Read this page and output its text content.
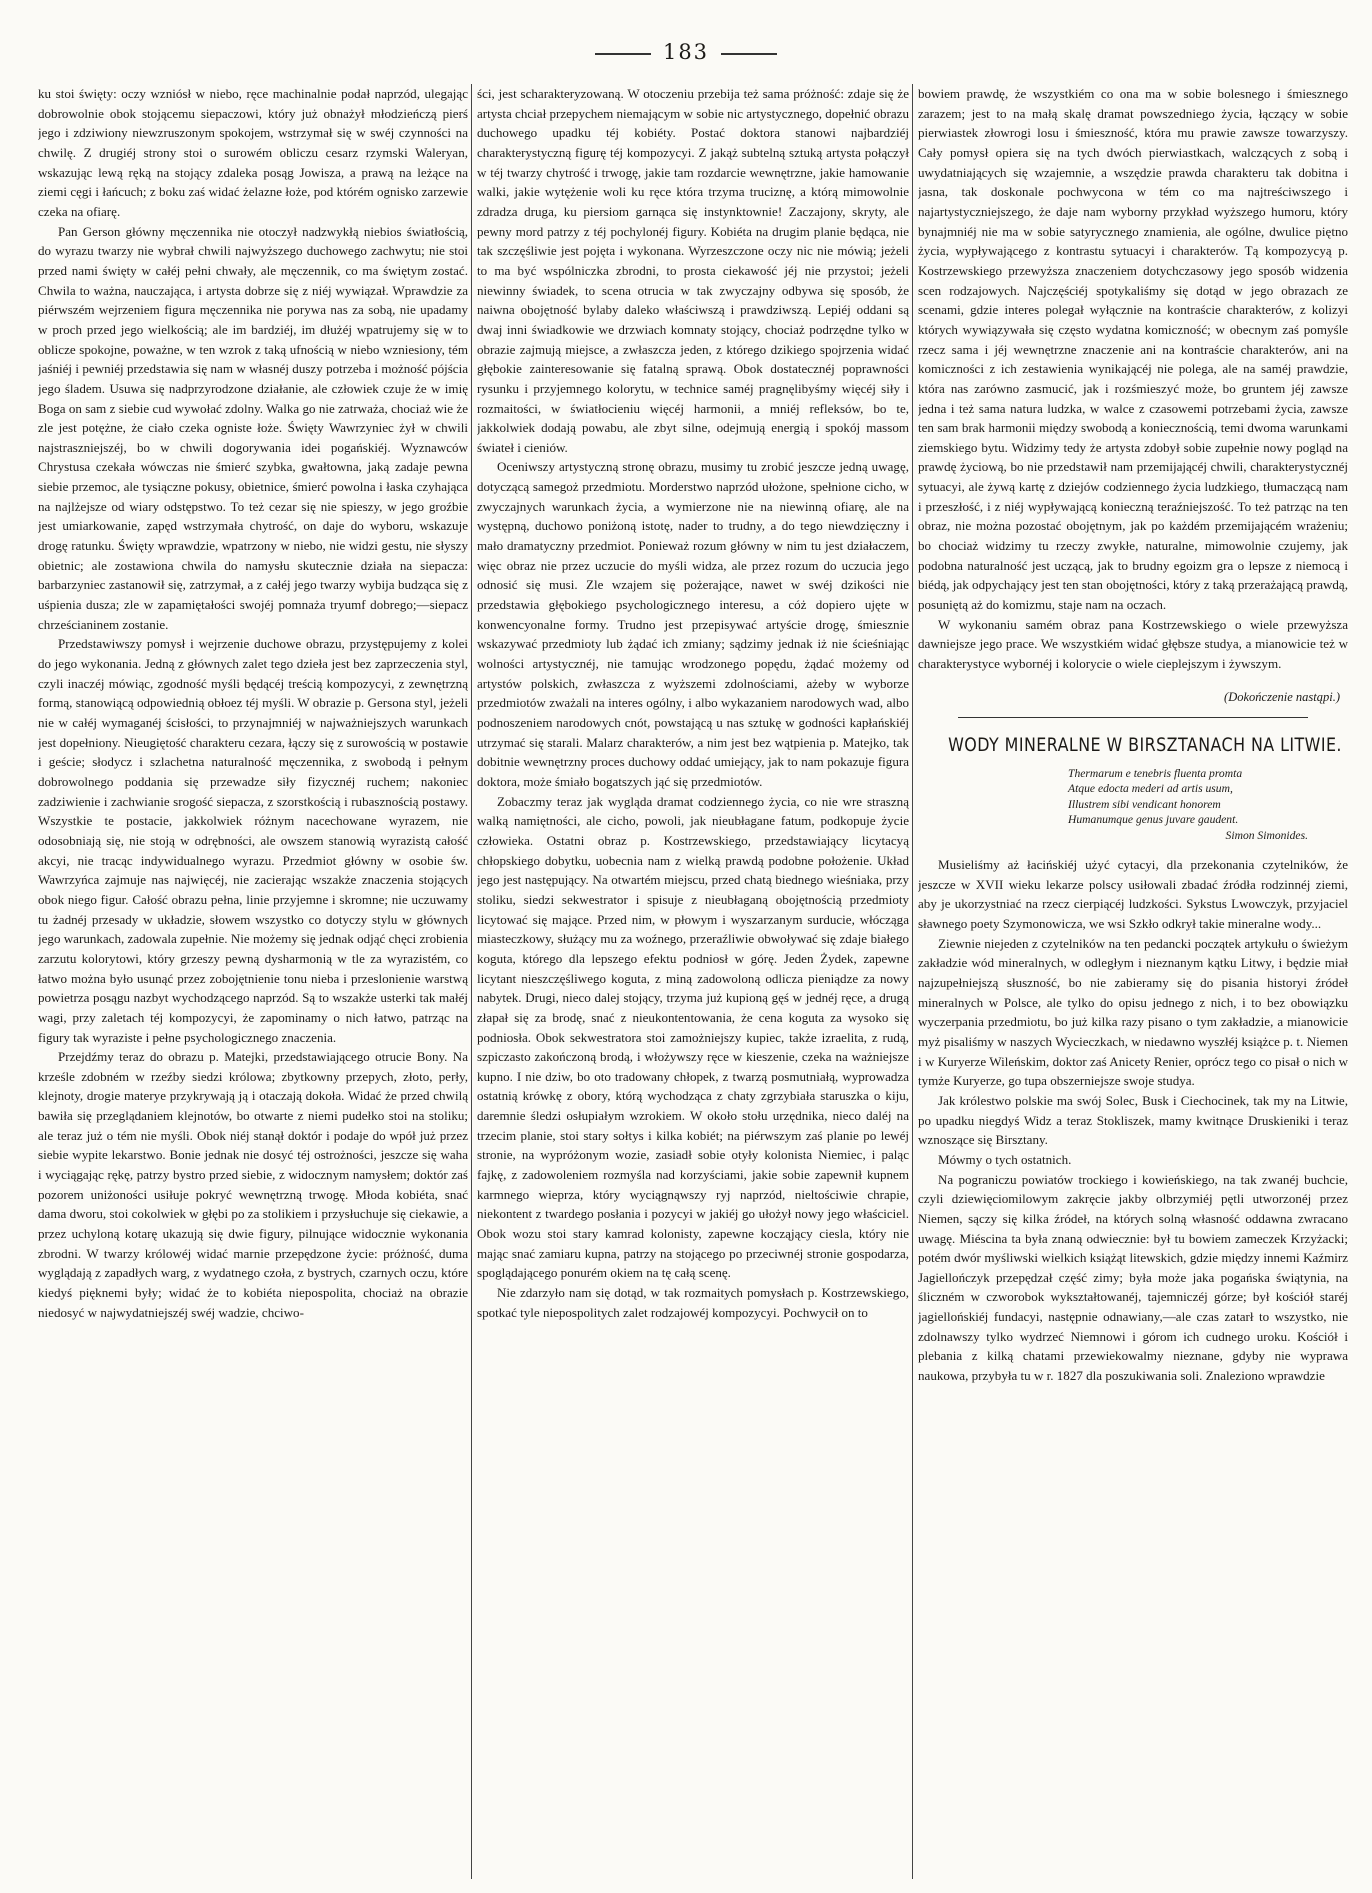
183

ku stoi święty: oczy wzniósł w niebo, ręce machinalnie podał naprzód, ulegając dobrowolnie obok stojącemu siepaczowi, który już obnażył młodzieńczą pierś jego i zdziwiony niewzruszonym spokojem, wstrzymał się w swéj czynności na chwilę. Z drugiéj strony stoi o surowém obliczu cesarz rzymski Waleryan, wskazując lewą ręką na stojący zdaleka posąg Jowisza, a prawą na leżące na ziemi cęgi i łańcuch; z boku zaś widać żelazne łoże, pod którém ognisko zarzewie czeka na ofiarę.

Pan Gerson główny męczennika nie otoczył nadzwykłą niebios światłością, do wyrazu twarzy nie wybrał chwili najwyższego duchowego zachwytu; nie stoi przed nami święty w całéj pełni chwały, ale męczennik, co ma świętym zostać. Chwila to ważna, nauczająca, i artysta dobrze się z niéj wywiązał. Wprawdzie za piérwszém wejrzeniem figura męczennika nie porywa nas za sobą, nie upadamy w proch przed jego wielkością; ale im bardziéj, im dłużéj wpatrujemy się w to oblicze spokojne, poważne, w ten wzrok z taką ufnością w niebo wzniesiony, tém jaśniéj i pewniéj przedstawia się nam w własnéj duszy potrzeba i możność pójścia jego śladem. Usuwa się nadprzyrodzone działanie, ale człowiek czuje że w imię Boga on sam z siebie cud wywołać zdolny. Walka go nie zatrważa, chociaż wie że zle jest potężne, że ciało czeka ogniste łoże. Święty Wawrzyniec żył w chwili najstraszniejszéj, bo w chwili dogorywania idei pogańskiéj. Wyznawców Chrystusa czekała wówczas nie śmierć szybka, gwałtowna, jaką zadaje pewna siebie przemoc, ale tysiączne pokusy, obietnice, śmierć powolna i łaska czyhająca na najlżejsze od wiary odstępstwo. To też cezar się nie spieszy, w jego groźbie jest umiarkowanie, zapęd wstrzymała chytrość, on daje do wyboru, wskazuje drogę ratunku. Święty wprawdzie, wpatrzony w niebo, nie widzi gestu, nie słyszy obietnic; ale zostawiona chwila do namysłu skutecznie działa na siepacza: barbarzyniec zastanowił się, zatrzymał, a z całéj jego twarzy wybija budząca się z uśpienia dusza; zle w zapamiętałości swojéj pomnaża tryumf dobrego;—siepacz chrześcianinem zostanie.

Przedstawiwszy pomysł i wejrzenie duchowe obrazu, przystępujemy z kolei do jego wykonania. Jedną z głównych zalet tego dzieła jest bez zaprzeczenia styl, czyli inaczéj mówiąc, zgodność myśli będącéj treścią kompozycyi, z zewnętrzną formą, stanowiącą odpowiednią obłoez téj myśli. W obrazie p. Gersona styl, jeżeli nie w całéj wymaganéj ścisłości, to przynajmniéj w najważniejszych warunkach jest dopełniony. Nieugiętość charakteru cezara, łączy się z surowością w postawie i geście; słodycz i szlachetna naturalność męczennika, z swobodą i pełnym dobrowolnego poddania się przewadze siły fizycznéj ruchem; nakoniec zadziwienie i zachwianie srogość siepacza, z szorstkością i rubasznością postawy. Wszystkie te postacie, jakkolwiek różnym nacechowane wyrazem, nie odosobniają się, nie stoją w odrębności, ale owszem stanowią wyrazistą całość akcyi, nie tracąc indywidualnego wyrazu. Przedmiot główny w osobie św. Wawrzyńca zajmuje nas najwięcéj, nie zacierając wszakże znaczenia stojących obok niego figur. Całość obrazu pełna, linie przyjemne i skromne; nie uczuwamy tu żadnéj przesady w układzie, słowem wszystko co dotyczy stylu w głównych jego warunkach, zadowala zupełnie. Nie możemy się jednak odjąć chęci zrobienia zarzutu kolorytowi, który grzeszy pewną dysharmonią w tle za wyrazistém, co łatwo można było usunąć przez zobojętnienie tonu nieba i przeslonienie warstwą powietrza posągu nazbyt wychodzącego naprzód. Są to wszakże usterki tak małéj wagi, przy zaletach téj kompozycyi, że zapominamy o nich łatwo, patrząc na figury tak wyraziste i pełne psychologicznego znaczenia.

Przejdźmy teraz do obrazu p. Matejki, przedstawiającego otrucie Bony. Na krześle zdobném w rzeźby siedzi królowa; zbytkowny przepych, złoto, perły, klejnoty, drogie materye przykrywają ją i otaczają dokoła. Widać że przed chwilą bawiła się przeglądaniem klejnotów, bo otwarte z niemi pudełko stoi na stoliku; ale teraz już o tém nie myśli. Obok niéj stanął doktór i podaje do wpół już przez siebie wypite lekarstwo. Bonie jednak nie dosyć téj ostrożności, jeszcze się waha i wyciągając rękę, patrzy bystro przed siebie, z widocznym namysłem; doktór zaś pozorem uniżoności usiłuje pokryć wewnętrzną trwogę. Młoda kobiéta, snać dama dworu, stoi cokolwiek w głębi po za stolikiem i przysłuchuje się ciekawie, a przez uchyloną kotarę ukazują się dwie figury, pilnujące widocznie wykonania zbrodni. W twarzy królowéj widać marnie przepędzone życie: próżność, duma wyglądają z zapadłych warg, z wydatnego czoła, z bystrych, czarnych oczu, które kiedyś pięknemi były; widać że to kobiéta niepospolita, chociaż na obrazie niedosyć w najwydatniejszéj swéj wadzie, chciwo-

ści, jest scharakteryzowaną. W otoczeniu przebija też sama próżność: zdaje się że artysta chciał przepychem niemającym w sobie nic artystycznego, dopełnić obrazu duchowego upadku téj kobiéty. Postać doktora stanowi najbardziéj charakterystyczną figurę téj kompozycyi. Z jakąż subtelną sztuką artysta połączył w téj twarzy chytrość i trwogę, jakie tam rozdarcie wewnętrzne, jakie hamowanie walki, jakie wytężenie woli ku ręce która trzyma truciznę, a którą mimowolnie zdradza druga, ku piersiom garnąca się instynktownie! Zaczajony, skryty, ale pewny mord patrzy z téj pochylonéj figury. Kobiéta na drugim planie będąca, nie tak szczęśliwie jest pojęta i wykonana. Wyrzeszczone oczy nic nie mówią; jeżeli to ma być wspólniczka zbrodni, to prosta ciekawość jéj nie przystoi; jeżeli niewinny świadek, to scena otrucia w tak zwyczajny odbywa się sposób, że naiwna obojętność bylaby daleko właściwszą i prawdziwszą. Lepiéj oddani są dwaj inni świadkowie we drzwiach komnaty stojący, chociaż podrzędne tylko w obrazie zajmują miejsce, a zwłaszcza jeden, z którego dzikiego spojrzenia widać głębokie zainteresowanie się fatalną sprawą. Obok dostatecznéj poprawności rysunku i przyjemnego kolorytu, w technice saméj pragnęlibyśmy więcéj siły i rozmaitości, w światłocieniu więcéj harmonii, a mniéj refleksów, bo te, jakkolwiek dodają powabu, ale zbyt silne, odejmują energią i spokój massom świateł i cieniów.

Oceniwszy artystyczną stronę obrazu, musimy tu zrobić jeszcze jedną uwagę, dotyczącą samegoż przedmiotu. Morderstwo naprzód ułożone, spełnione cicho, w zwyczajnych warunkach życia, a wymierzone nie na niewinną ofiarę, ale na występną, duchowo poniżoną istotę, nader to trudny, a do tego niewdzięczny i mało dramatyczny przedmiot. Ponieważ rozum główny w nim tu jest działaczem, więc obraz nie przez uczucie do myśli widza, ale przez rozum do uczucia jego odnosić się musi. Zle wzajem się pożerające, nawet w swéj dzikości nie przedstawia głębokiego psychologicznego interesu, a cóż dopiero ujęte w konwencyonalne formy. Trudno jest przepisywać artyście drogę, śmiesznie wskazywać przedmioty lub żądać ich zmiany; sądzimy jednak iż nie ścieśniając wolności artystycznéj, nie tamując wrodzonego popędu, żądać możemy od artystów polskich, zwłaszcza z wyższemi zdolnościami, ażeby w wyborze przedmiotów zważali na interes ogólny, i albo wykazaniem narodowych wad, albo podnoszeniem narodowych cnót, powstającą u nas sztukę w godności kapłańskiéj utrzymać się starali. Malarz charakterów, a nim jest bez wątpienia p. Matejko, tak dobitnie wewnętrzny proces duchowy oddać umiejący, jak to nam pokazuje figura doktora, może śmiało bogatszych jąć się przedmiotów.

Zobaczmy teraz jak wygląda dramat codziennego życia, co nie wre straszną walką namiętności, ale cicho, powoli, jak nieubłagane fatum, podkopuje życie człowieka. Ostatni obraz p. Kostrzewskiego, przedstawiający licytacyą chłopskiego dobytku, uobecnia nam z wielką prawdą podobne położenie. Układ jego jest następujący. Na otwartém miejscu, przed chatą biednego wieśniaka, przy stoliku, siedzi sekwestrator i spisuje z nieubłaganą obojętnością przedmioty licytować się mające. Przed nim, w płowym i wyszarzanym surducie, włócząga miasteczkowy, służący mu za woźnego, przeraźliwie obwoływać się zdaje białego koguta, którego dla lepszego efektu podniosł w górę. Jeden Żydek, zapewne licytant nieszczęśliwego koguta, z miną zadowoloną odlicza pieniądze za nowy nabytek. Drugi, nieco dalej stojący, trzyma już kupioną gęś w jednéj ręce, a drugą złapał się za brodę, snać z nieukontentowania, że cena koguta za wysoko się podniosła. Obok sekwestratora stoi zamożniejszy kupiec, także izraelita, z rudą, szpiczasto zakończoną brodą, i włożywszy ręce w kieszenie, czeka na ważniejsze kupno. I nie dziw, bo oto tradowany chłopek, z twarzą posmutniałą, wyprowadza ostatnią krówkę z obory, którą wychodząca z chaty zgrzybiała staruszka o kiju, daremnie śledzi osłupiałym wzrokiem. W około stołu urzędnika, nieco daléj na trzecim planie, stoi stary sołtys i kilka kobiét; na piérwszym zaś planie po lewéj stronie, na wypróżonym wozie, zasiadł sobie otyły kolonista Niemiec, i paląc fajkę, z zadowoleniem rozmyśla nad korzyściami, jakie sobie zapewnił kupnem karmnego wieprza, który wyciągnąwszy ryj naprzód, nieltościwie chrapie, niekontent z twardego posłania i pozycyi w jakiéj go ułożył nowy jego właściciel. Obok wozu stoi stary kamrad kolonisty, zapewne kocząjący ciesla, który nie mając snać zamiaru kupna, patrzy na stojącego po przeciwnéj stronie gospodarza, spoglądającego ponurém okiem na tę całą scenę.

Nie zdarzyło nam się dotąd, w tak rozmaitych pomysłach p. Kostrzewskiego, spotkać tyle niepospolitych zalet rodzajowéj kompozycyi. Pochwycił on to

bowiem prawdę, że wszystkiém co ona ma w sobie bolesnego i śmiesznego zarazem; jest to na małą skalę dramat powszedniego życia, łączący w sobie pierwiastek złowrogi losu i śmieszność, która mu prawie zawsze towarzyszy. Cały pomysł opiera się na tych dwóch pierwiastkach, walczących z sobą i uwydatniających się wzajemnie, a wszędzie prawda charakteru tak dobitna i jasna, tak doskonale pochwycona w tém co ma najtreściwszego i najartystyczniejszego, że daje nam wyborny przykład wyższego humoru, który bynajmniéj nie ma w sobie satyrycznego znamienia, ale ogólne, dwulice piętno życia, wypływającego z kontrastu sytuacyi i charakterów. Tą kompozycyą p. Kostrzewskiego przewyższa znaczeniem dotychczasowy jego sposób widzenia scen rodzajowych. Najczęściéj spotykaliśmy się dotąd w jego obrazach ze scenami, gdzie interes polegał wyłącznie na kontraście charakterów, z kolizyi których wywiązywała się często wydatna komiczność; w obecnym zaś pomyśle rzecz sama i jéj wewnętrzne znaczenie ani na kontraście charakterów, ani na komiczności z ich zestawienia wynikającéj nie polega, ale na saméj prawdzie, która nas zarówno zasmucić, jak i rozśmieszyć może, bo gruntem jéj zawsze jedna i też sama natura ludzka, w walce z czasowemi potrzebami życia, zawsze ten sam brak harmonii między swobodą a koniecznością, temi dwoma warunkami ziemskiego bytu. Widzimy tedy że artysta zdobył sobie zupełnie nowy pogląd na prawdę życiową, bo nie przedstawił nam przemijającéj chwili, charakterystycznéj sytuacyi, ale żywą kartę z dziejów codziennego życia ludzkiego, tłumaczącą nam i przeszłość, i z niéj wypływającą konieczną teraźniejszość. To też patrząc na ten obraz, nie można pozostać obojętnym, jak po każdém przemijającém wrażeniu; bo chociaż widzimy tu rzeczy zwykłe, naturalne, mimowolnie czujemy, jak podobna naturalność jest uczącą, jak to brudny egoizm gra o lepsze z niemocą i biédą, jak odpychający jest ten stan obojętności, który z taką przerażającą prawdą, posuniętą aż do komizmu, staje nam na oczach.

W wykonaniu samém obraz pana Kostrzewskiego o wiele przewyższa dawniejsze jego prace. We wszystkiém widać głębsze studya, a mianowicie też w charakterystyce wybornéj i kolorycie o wiele cieplejszym i żywszym.

(Dokończenie nastąpi.)
WODY MINERALNE W BIRSZTANACH NA LITWIE.
Thermarum e tenebris fluenta promta
Atque edocta mederi ad artis usum,
Illustrem sibi vendicant honorem
Humanumque genus juvare gaudent.
Simon Simonides.

Musieliśmy aż łacińskiéj użyć cytacyi, dla przekonania czytelników, że jeszcze w XVII wieku lekarze polscy usiłowali zbadać źródła rodzinnéj ziemi, aby je ukorzystniać na rzecz cierpiącéj ludzkości. Sykstus Lwowczyk, przyjaciel sławnego poety Szymonowicza, we wsi Szkło odkrył takie mineralne wody...

Ziewnie niejeden z czytelników na ten pedancki początek artykułu o świeżym zakładzie wód mineralnych, w odległym i nieznanym kątku Litwy, i będzie miał najzupełniejszą słuszność, bo nie zabieramy się do pisania historyi źródeł mineralnych w Polsce, ale tylko do opisu jednego z nich, i to bez obowiązku wyczerpania przedmiotu, bo już kilka razy pisano o tym zakładzie, a mianowicie myż pisaliśmy w naszych Wycieczkach, w niedawno wyszłéj książce p. t. Niemen i w Kuryerze Wileńskim, doktor zaś Anicety Renier, oprócz tego co pisał o nich w tymże Kuryerze, go tupa obszerniejsze swoje studya.

Jak królestwo polskie ma swój Solec, Busk i Ciechocinek, tak my na Litwie, po upadku niegdyś Widz a teraz Stokliszek, mamy kwitnące Druskieniki i teraz wznoszące się Birsztany.

Mówmy o tych ostatnich.

Na pograniczu powiatów trockiego i kowieńskiego, na tak zwanéj buchcie, czyli dziewięciomilowym zakręcie jakby olbrzymiéj pętli utworzonéj przez Niemen, sączy się kilka źródeł, na których solną własność oddawna zwracano uwagę. Miéscina ta była znaną odwiecznie: był tu bowiem zameczek Krzyżacki; potém dwór myśliwski wielkich książąt litewskich, gdzie między innemi Kaźmirz Jagiellończyk przepędzał część zimy; była może jaka pogańska świątynia, na śliczném w czworobok wykształtowanéj, tajemniczéj górze; był kościół staréj jagiellońskiéj fundacyi, następnie odnawiany,—ale czas zatarł to wszystko, nie zdolnawszy tylko wydrzeć Niemnowi i górom ich cudnego uroku. Kościół i plebania z kilką chatami przewiekowalmy nieznane, gdyby nie wyprawa naukowa, przybyła tu w r. 1827 dla poszukiwania soli. Znaleziono wprawdzie
